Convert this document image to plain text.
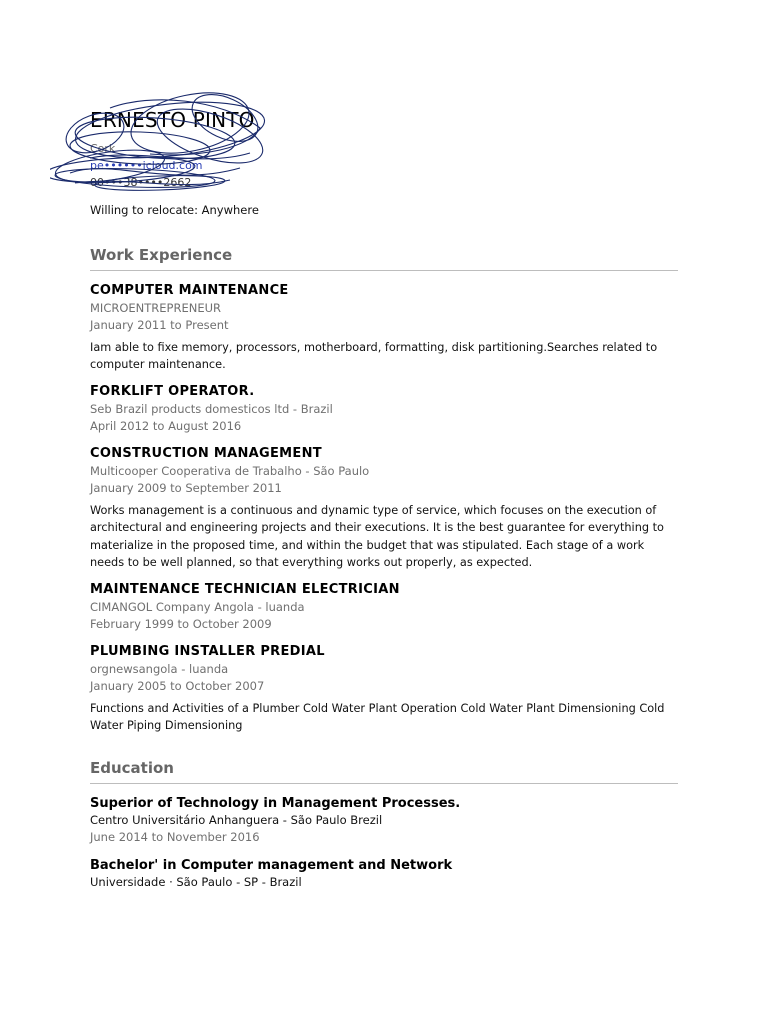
ERNESTO PINTO
Cork
pe••••••icloud.com
00•••38••••2662
Willing to relocate: Anywhere
Work Experience
COMPUTER MAINTENANCE
MICROENTREPRENEUR
January 2011 to Present
Iam able to fixe memory, processors, motherboard, formatting, disk partitioning.Searches related to computer maintenance.
FORKLIFT OPERATOR.
Seb Brazil products domesticos ltd - Brazil
April 2012 to August 2016
CONSTRUCTION MANAGEMENT
Multicooper Cooperativa de Trabalho - São Paulo
January 2009 to September 2011
Works management is a continuous and dynamic type of service, which focuses on the execution of architectural and engineering projects and their executions. It is the best guarantee for everything to materialize in the proposed time, and within the budget that was stipulated. Each stage of a work needs to be well planned, so that everything works out properly, as expected.
MAINTENANCE TECHNICIAN ELECTRICIAN
CIMANGOL Company Angola - luanda
February 1999 to October 2009
PLUMBING INSTALLER PREDIAL
orgnewsangola - luanda
January 2005 to October 2007
Functions and Activities of a Plumber Cold Water Plant Operation Cold Water Plant Dimensioning Cold Water Piping Dimensioning
Education
Superior of Technology in Management Processes.
Centro Universitário Anhanguera - São Paulo Brezil
June 2014 to November 2016
Bachelor' in Computer management and Network
Universidade · São Paulo - SP - Brazil
